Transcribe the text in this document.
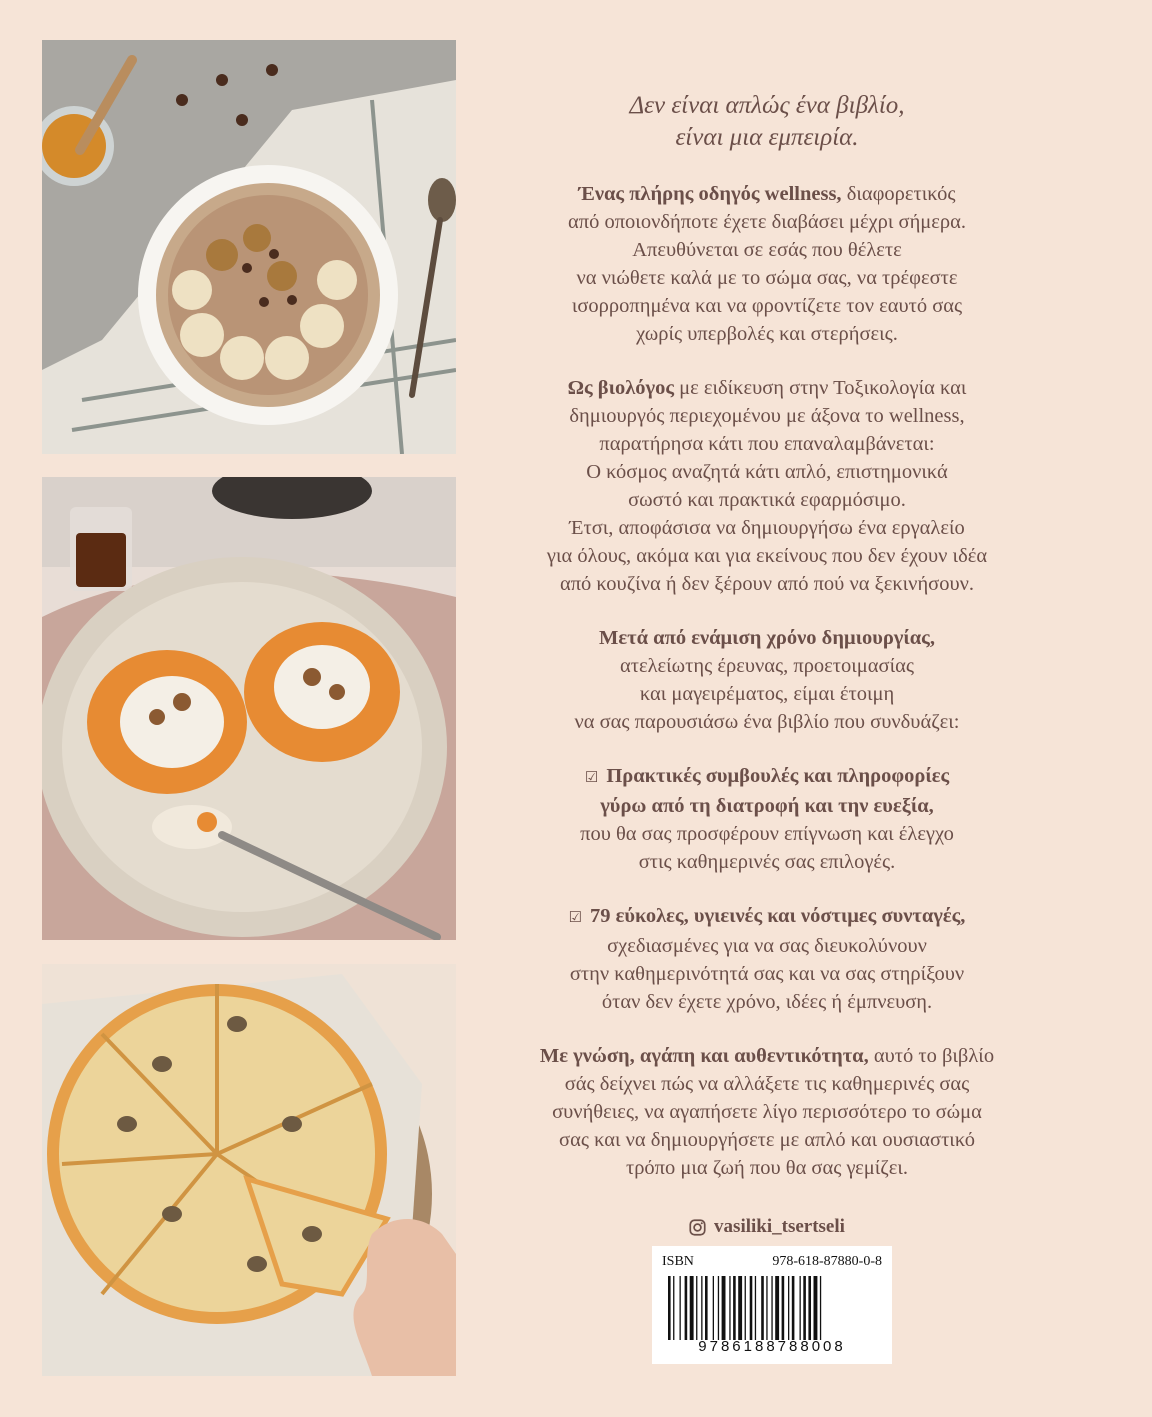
Δεν είναι απλώς ένα βιβλίο,
είναι μια εμπειρία.

Ένας πλήρης οδηγός wellness, διαφορετικός
από οποιονδήποτε έχετε διαβάσει μέχρι σήμερα.
Απευθύνεται σε εσάς που θέλετε
να νιώθετε καλά με το σώμα σας, να τρέφεστε
ισορροπημένα και να φροντίζετε τον εαυτό σας
χωρίς υπερβολές και στερήσεις.

Ως βιολόγος με ειδίκευση στην Τοξικολογία και
δημιουργός περιεχομένου με άξονα το wellness,
παρατήρησα κάτι που επαναλαμβάνεται:
Ο κόσμος αναζητά κάτι απλό, επιστημονικά
σωστό και πρακτικά εφαρμόσιμο.
Έτσι, αποφάσισα να δημιουργήσω ένα εργαλείο
για όλους, ακόμα και για εκείνους που δεν έχουν ιδέα
από κουζίνα ή δεν ξέρουν από πού να ξεκινήσουν.

Μετά από ενάμιση χρόνο δημιουργίας,
ατελείωτης έρευνας, προετοιμασίας
και μαγειρέματος, είμαι έτοιμη
να σας παρουσιάσω ένα βιβλίο που συνδυάζει:

☑ Πρακτικές συμβουλές και πληροφορίες
γύρω από τη διατροφή και την ευεξία,
που θα σας προσφέρουν επίγνωση και έλεγχο
στις καθημερινές σας επιλογές.

☑ 79 εύκολες, υγιεινές και νόστιμες συνταγές,
σχεδιασμένες για να σας διευκολύνουν
στην καθημερινότητά σας και να σας στηρίξουν
όταν δεν έχετε χρόνο, ιδέες ή έμπνευση.

Με γνώση, αγάπη και αυθεντικότητα, αυτό το βιβλίο
σάς δείχνει πώς να αλλάξετε τις καθημερινές σας
συνήθειες, να αγαπήσετε λίγο περισσότερο το σώμα
σας και να δημιουργήσετε με απλό και ουσιαστικό
τρόπο μια ζωή που θα σας γεμίζει.

vasiliki_tsertseli
ISBN	978-618-87880-0-8
9786188788008
